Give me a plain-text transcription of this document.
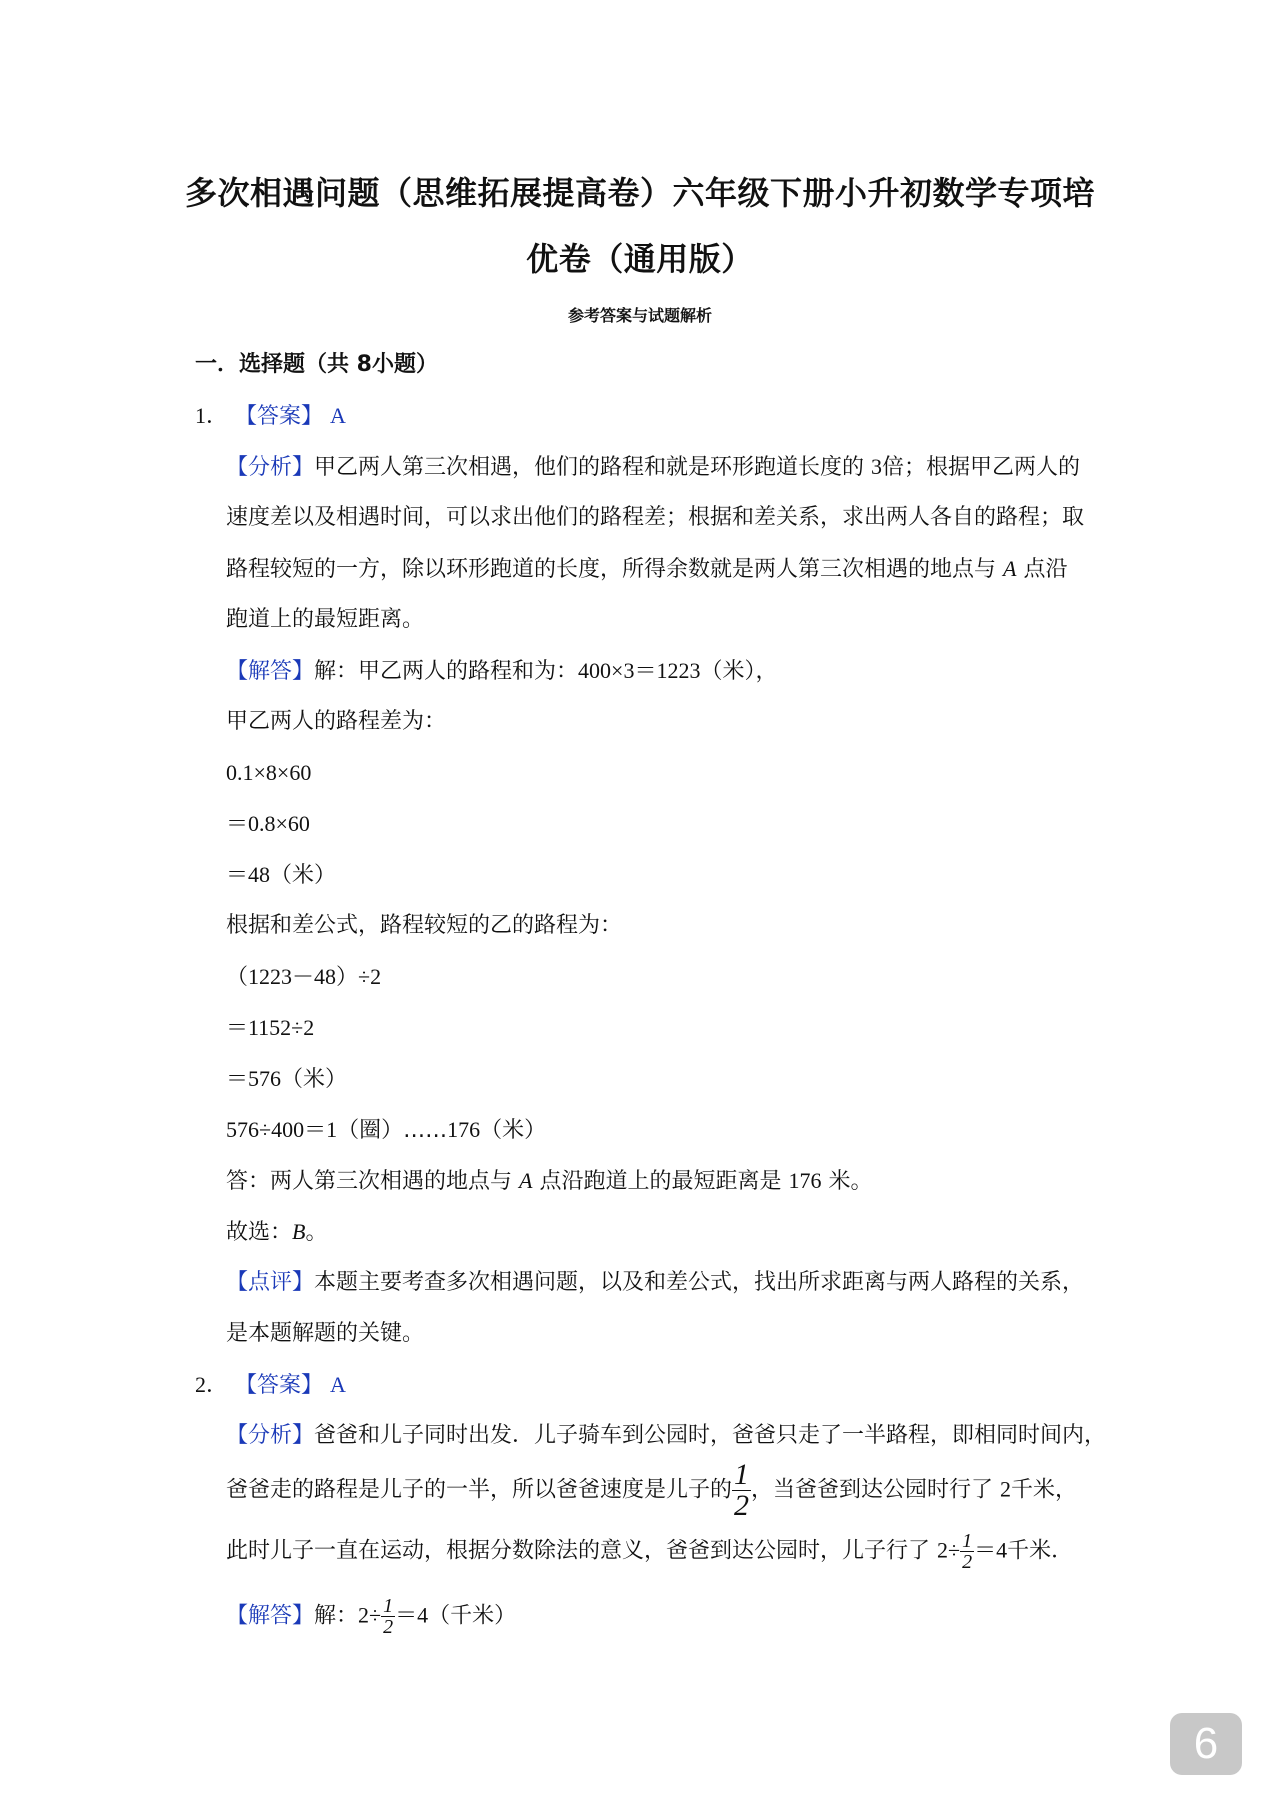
多次相遇问题（思维拓展提高卷）六年级下册小升初数学专项培
优卷（通用版）
参考答案与试题解析
一．选择题（共 8小题）
1． 【答案】 A
【分析】甲乙两人第三次相遇，他们的路程和就是环形跑道长度的 3倍；根据甲乙两人的
速度差以及相遇时间，可以求出他们的路程差；根据和差关系，求出两人各自的路程；取
路程较短的一方，除以环形跑道的长度，所得余数就是两人第三次相遇的地点与 A 点沿
跑道上的最短距离。
【解答】解：甲乙两人的路程和为：400×3＝1223（米），
甲乙两人的路程差为：
0.1×8×60
＝0.8×60
＝48（米）
根据和差公式，路程较短的乙的路程为：
（1223－48）÷2
＝1152÷2
＝576（米）
576÷400＝1（圈）……176（米）
答：两人第三次相遇的地点与 A 点沿跑道上的最短距离是 176 米。
故选：B。
【点评】本题主要考查多次相遇问题，以及和差公式，找出所求距离与两人路程的关系，
是本题解题的关键。
2． 【答案】 A
【分析】爸爸和儿子同时出发．儿子骑车到公园时，爸爸只走了一半路程，即相同时间内，
爸爸走的路程是儿子的一半，所以爸爸速度是儿子的 $\frac{1}{2}$ ，当爸爸到达公园时行了 2千米，
此时儿子一直在运动，根据分数除法的意义，爸爸到达公园时，儿子行了 $2\div \frac{1}{2} =4$千米．
【解答】解：$2\div \frac{1}{2} =4$（千米）
6
